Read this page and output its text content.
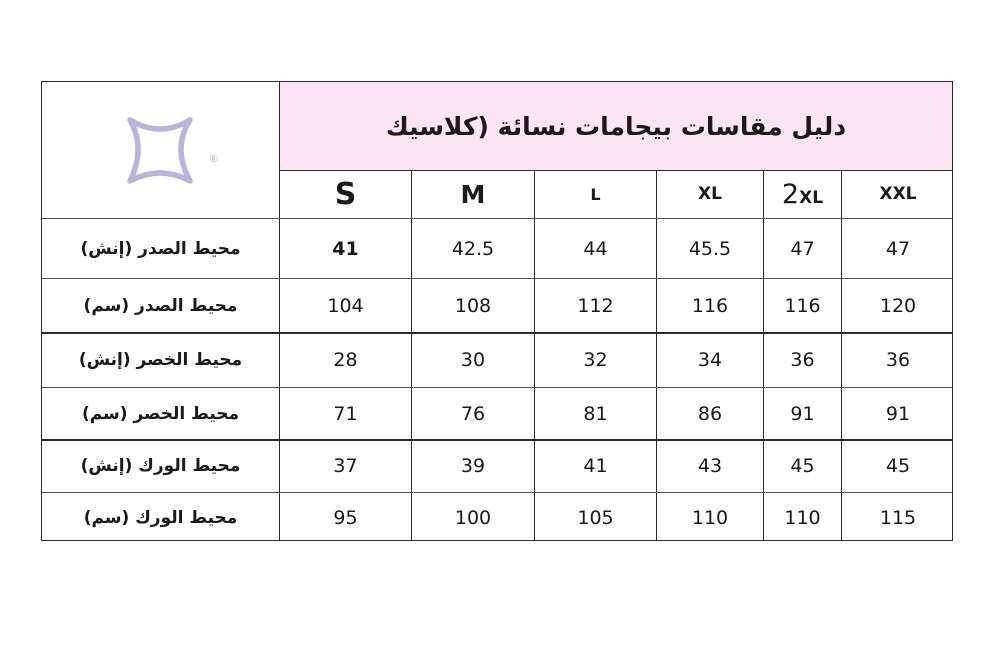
®
دليل مقاسات بيجامات نسائة (كلاسيك
S	M	L	XL	2XL	XXL
محيط الصدر (إنش)	41	42.5	44	45.5	47	47
محيط الصدر (سم)	104	108	112	116	116	120
محيط الخصر (إنش)	28	30	32	34	36	36
محيط الخصر (سم)	71	76	81	86	91	91
محيط الورك (إنش)	37	39	41	43	45	45
محيط الورك (سم)	95	100	105	110	110	115
